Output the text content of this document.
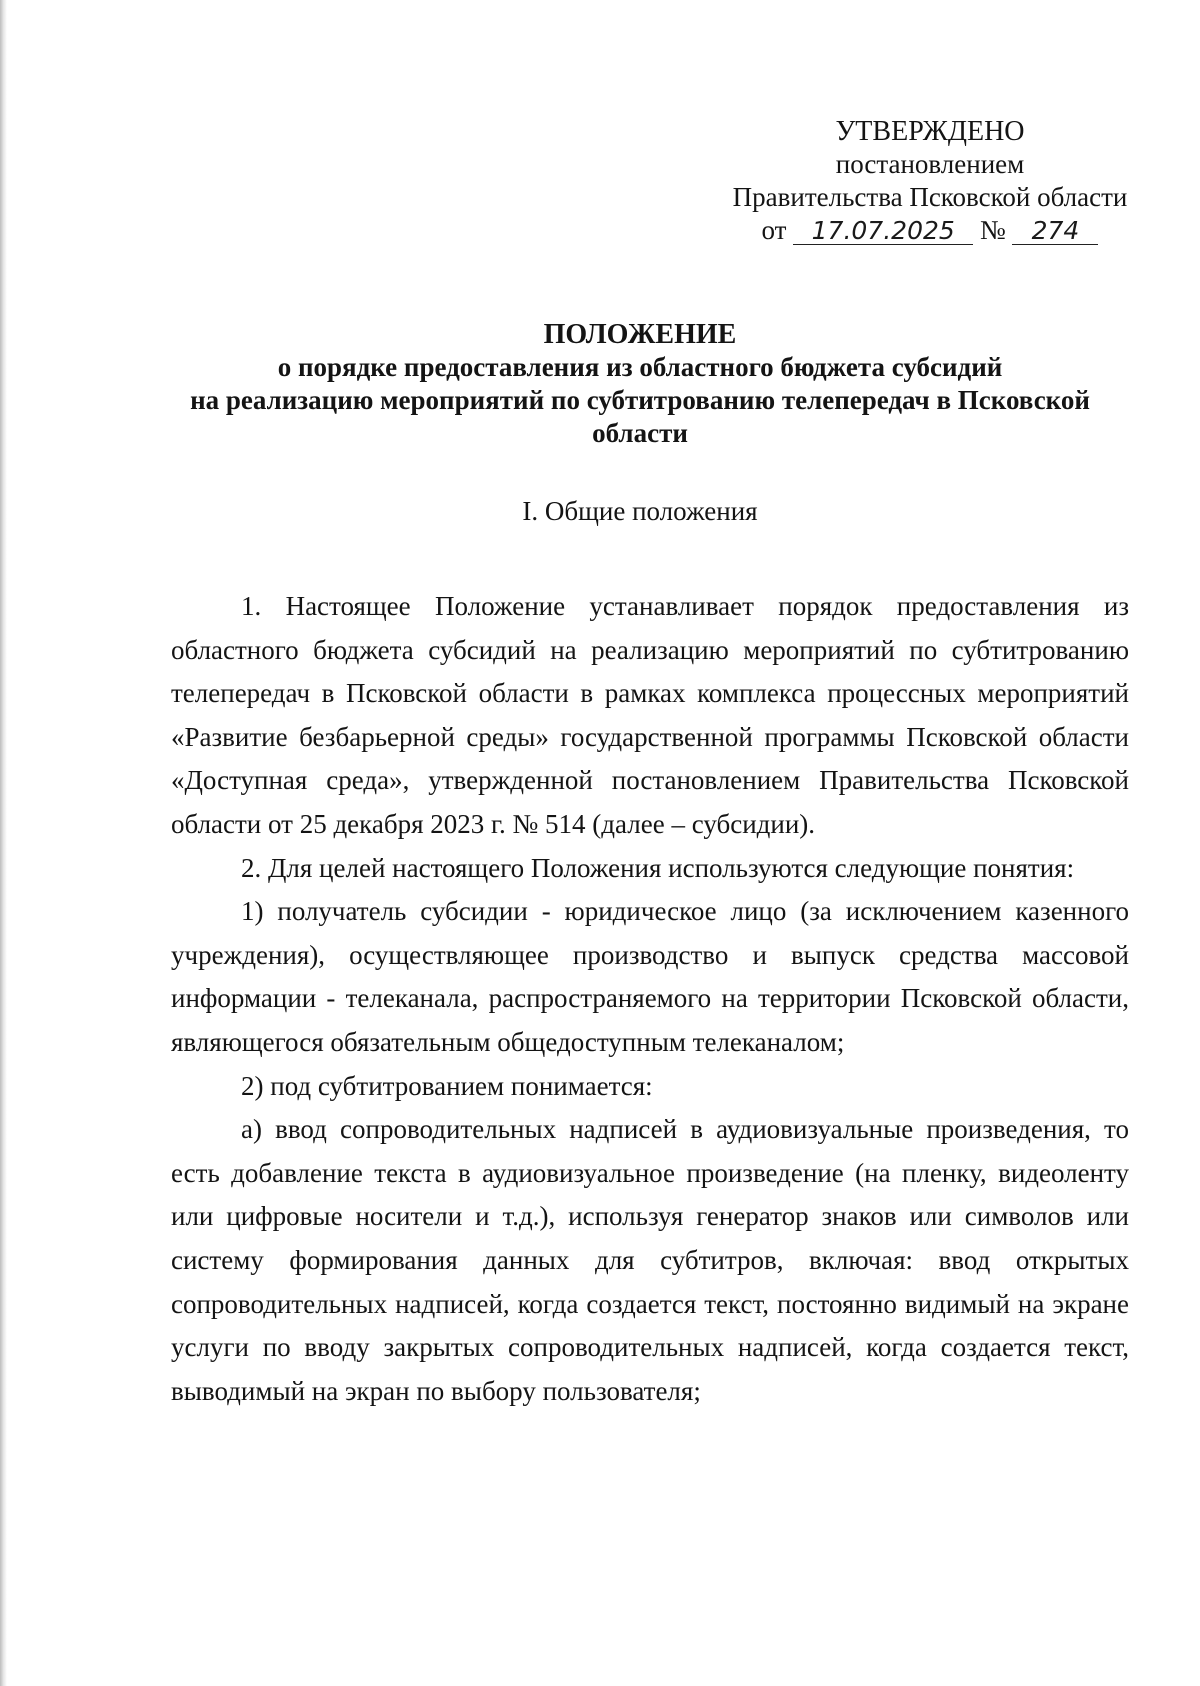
УТВЕРЖДЕНО
постановлением
Правительства Псковской области
от 17.07.2025 № 274
ПОЛОЖЕНИЕ
о порядке предоставления из областного бюджета субсидий
на реализацию мероприятий по субтитрованию телепередач в Псковской
области
I. Общие положения

1. Настоящее Положение устанавливает порядок предоставления из областного бюджета субсидий на реализацию мероприятий по субтитрованию телепередач в Псковской области в рамках комплекса процессных мероприятий «Развитие безбарьерной среды» государственной программы Псковской области «Доступная среда», утвержденной постановлением Правительства Псковской области от 25 декабря 2023 г. № 514 (далее – субсидии).

2. Для целей настоящего Положения используются следующие понятия:

1) получатель субсидии - юридическое лицо (за исключением казенного учреждения), осуществляющее производство и выпуск средства массовой информации - телеканала, распространяемого на территории Псковской области, являющегося обязательным общедоступным телеканалом;

2) под субтитрованием понимается:

а) ввод сопроводительных надписей в аудиовизуальные произведения, то есть добавление текста в аудиовизуальное произведение (на пленку, видеоленту или цифровые носители и т.д.), используя генератор знаков или символов или систему формирования данных для субтитров, включая: ввод открытых сопроводительных надписей, когда создается текст, постоянно видимый на экране услуги по вводу закрытых сопроводительных надписей, когда создается текст, выводимый на экран по выбору пользователя;
